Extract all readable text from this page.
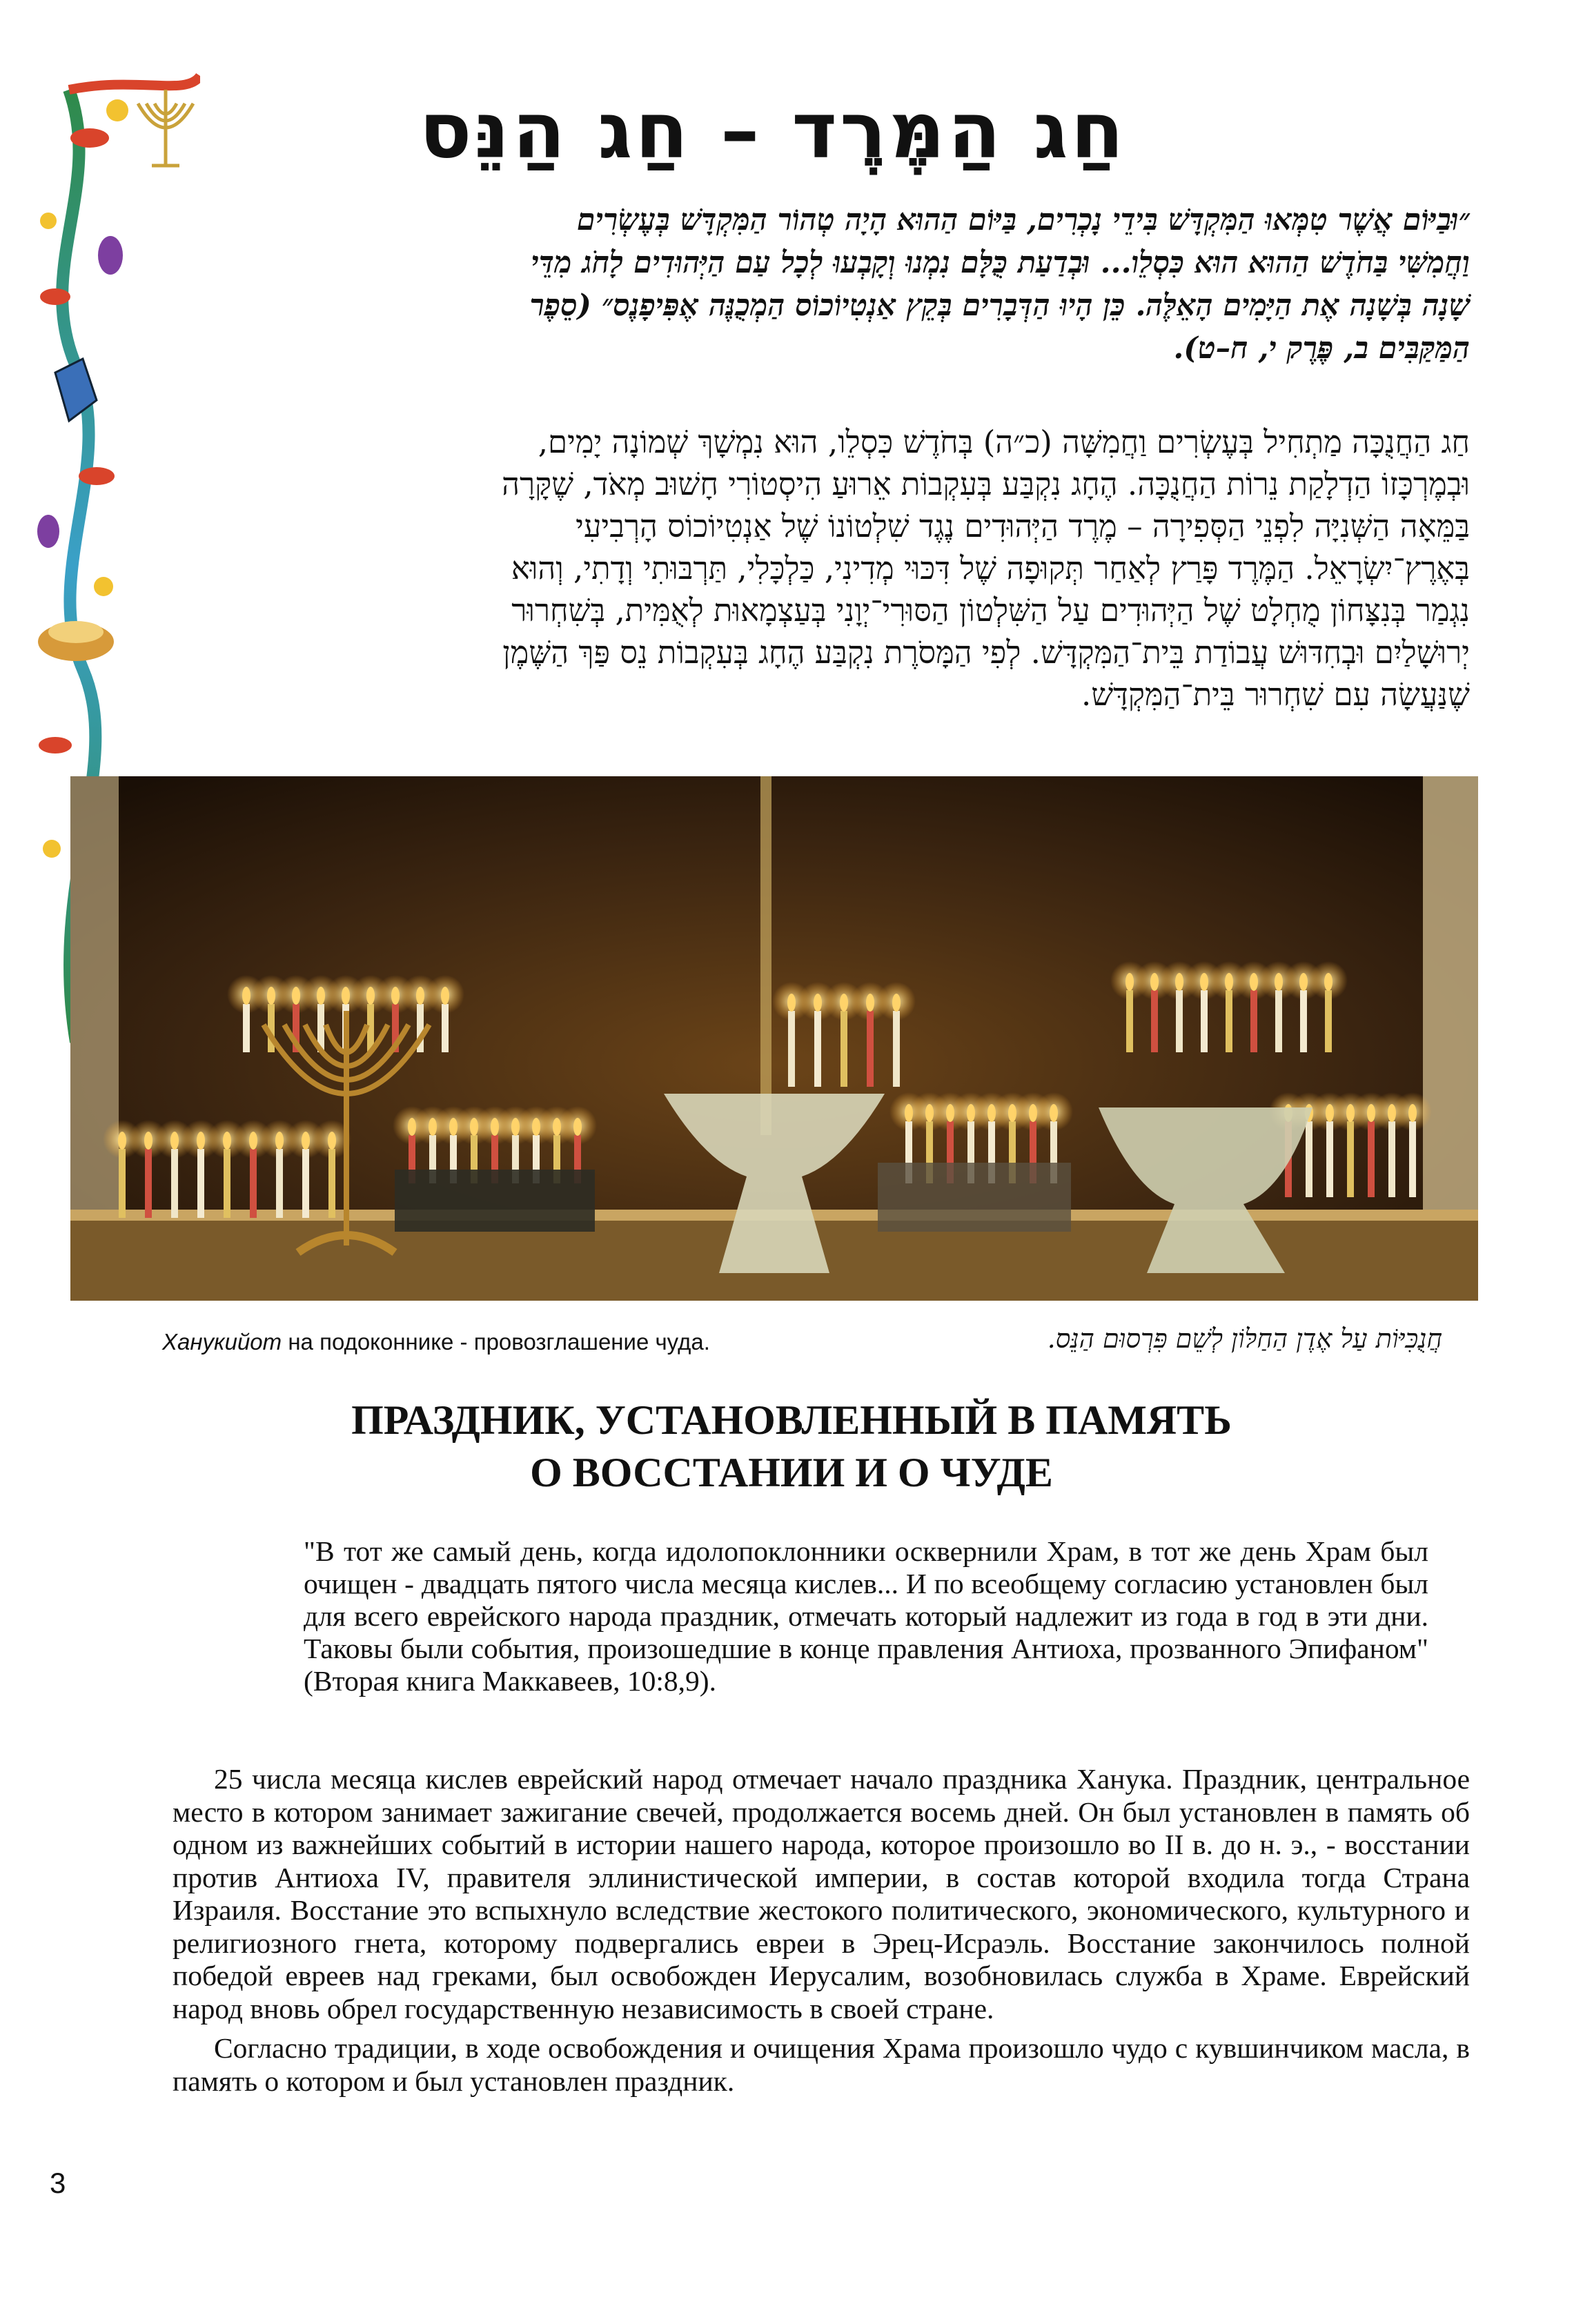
חַג הַמֶּרֶד – חַג הַנֵּס
״וּבַיּוֹם אֲשֶׁר טִמְּאוּ הַמִּקְדָּשׁ בִּידֵי נָכְרִים, בַּיּוֹם הַהוּא הָיָה טְהוֹר הַמִּקְדָּשׁ בְּעֶשְׂרִים
וַחֲמִשִּׁי בַּחֹדֶשׁ הַהוּא הוּא כִּסְלֵו... וּבְדַעַת כֻּלָּם נִמְנוּ וְקָבְעוּ לְכָל עַם הַיְּהוּדִים לָחֹג מִדֵּי
שָׁנָה בְּשָׁנָה אֶת הַיָּמִים הָאֵלֶּה. כֵּן הָיוּ הַדְּבָרִים בְּקֵץ אַנְטִיוֹכוֹס הַמְכֻנֶּה אֶפִּיפָנֶס״ (סֵפֶר
הַמַּקַּבִּים ב, פֶּרֶק י, ח–ט).
חַג הַחֲנֻכָּה מַתְחִיל בְּעֶשְׂרִים וַחֲמִשָּׁה (כ״ה) בְּחֹדֶשׁ כִּסְלֵו, הוּא נִמְשָׁךְ שְׁמוֹנָה יָמִים,
וּבְמֶרְכָּזוֹ הַדְלָקַת נֵרוֹת הַחֲנֻכָּה. הֶחָג נִקְבַּע בְּעִקְבוֹת אֵרוּעַ הִיסְטוֹרִי חָשׁוּב מְאֹד, שֶׁקָּרָה
בַּמֵּאָה הַשְּׁנִיָּה לִפְנֵי הַסְּפִירָה – מֶרֶד הַיְּהוּדִים נֶגֶד שִׁלְטוֹנוֹ שֶׁל אַנְטִיוֹכוֹס הָרְבִיעִי
בְּאֶרֶץ־יִשְׂרָאֵל. הַמֶּרֶד פָּרַץ לְאַחַר תְּקוּפָה שֶׁל דִּכּוּי מְדִינִי, כַּלְכָּלִי, תַּרְבּוּתִי וְדָתִי, וְהוּא
נִגְמַר בְּנִצָּחוֹן מֻחְלָט שֶׁל הַיְּהוּדִים עַל הַשִּׁלְטוֹן הַסּוּרִי־יְוָנִי בְּעַצְמָאוּת לְאֻמִּית, בְּשִׁחְרוּר
יְרוּשָׁלַיִם וּבְחִדּוּשׁ עֲבוֹדַת בֵּית־הַמִּקְדָּשׁ. לְפִי הַמָּסֹרֶת נִקְבַּע הֶחָג בְּעִקְבוֹת נֵס פַּךְ הַשֶּׁמֶן
שֶׁנַּעֲשָׂה עִם שִׁחְרוּר בֵּית־הַמִּקְדָּשׁ.
Ханукийот на подоконнике - провозглашение чуда.	חֲנֻכִּיּוֹת עַל אֶדֶן הַחַלּוֹן לְשֵׁם פִּרְסוּם הַנֵּס.
ПРАЗДНИК, УСТАНОВЛЕННЫЙ В ПАМЯТЬ
О ВОССТАНИИ И О ЧУДЕ
"В тот же самый день, когда идолопоклонники осквернили Храм, в тот же день Храм был очищен - двадцать пятого числа месяца кислев... И по всеобщему согласию установлен был для всего еврейского народа праздник, отмечать который надлежит из года в год в эти дни. Таковы были события, произошедшие в конце правления Антиоха, прозванного Эпифаном" (Вторая книга Маккавеев, 10:8,9).

25 числа месяца кислев еврейский народ отмечает начало праздника Ханука. Праздник, центральное место в котором занимает зажигание свечей, продолжается восемь дней. Он был установлен в память об одном из важнейших событий в истории нашего народа, которое произошло во II в. до н. э., - восстании против Антиоха IV, правителя эллинистической империи, в состав которой входила тогда Страна Израиля. Восстание это вспыхнуло вследствие жестокого политического, экономического, культурного и религиозного гнета, которому подвергались евреи в Эрец-Исраэль. Восстание закончилось полной победой евреев над греками, был освобожден Иерусалим, возобновилась служба в Храме. Еврейский народ вновь обрел государственную независимость в своей стране.

Согласно традиции, в ходе освобождения и очищения Храма произошло чудо с кувшинчиком масла, в память о котором и был установлен праздник.

3
